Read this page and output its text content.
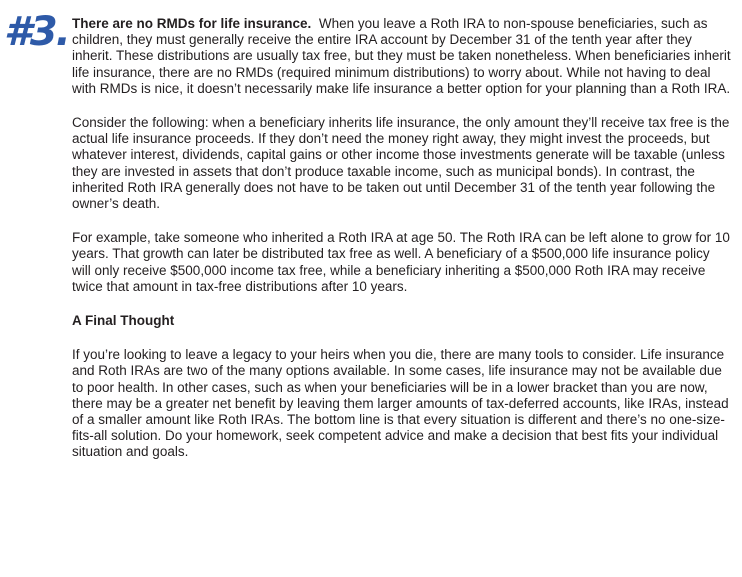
#3. There are no RMDs for life insurance. When you leave a Roth IRA to non-spouse beneficiaries, such as children, they must generally receive the entire IRA account by December 31 of the tenth year after they inherit. These distributions are usually tax free, but they must be taken nonetheless. When beneficiaries inherit life insurance, there are no RMDs (required minimum distributions) to worry about. While not having to deal with RMDs is nice, it doesn’t necessarily make life insurance a better option for your planning than a Roth IRA.

Consider the following: when a beneficiary inherits life insurance, the only amount they’ll receive tax free is the actual life insurance proceeds. If they don’t need the money right away, they might invest the proceeds, but whatever interest, dividends, capital gains or other income those investments generate will be taxable (unless they are invested in assets that don’t produce taxable income, such as municipal bonds). In contrast, the inherited Roth IRA generally does not have to be taken out until December 31 of the tenth year following the owner’s death.

For example, take someone who inherited a Roth IRA at age 50. The Roth IRA can be left alone to grow for 10 years. That growth can later be distributed tax free as well. A beneficiary of a $500,000 life insurance policy will only receive $500,000 income tax free, while a beneficiary inheriting a $500,000 Roth IRA may receive twice that amount in tax-free distributions after 10 years.

A Final Thought

If you’re looking to leave a legacy to your heirs when you die, there are many tools to consider. Life insurance and Roth IRAs are two of the many options available. In some cases, life insurance may not be available due to poor health. In other cases, such as when your beneficiaries will be in a lower bracket than you are now, there may be a greater net benefit by leaving them larger amounts of tax-deferred accounts, like IRAs, instead of a smaller amount like Roth IRAs. The bottom line is that every situation is different and there’s no one-size-fits-all solution. Do your homework, seek competent advice and make a decision that best fits your individual situation and goals.
